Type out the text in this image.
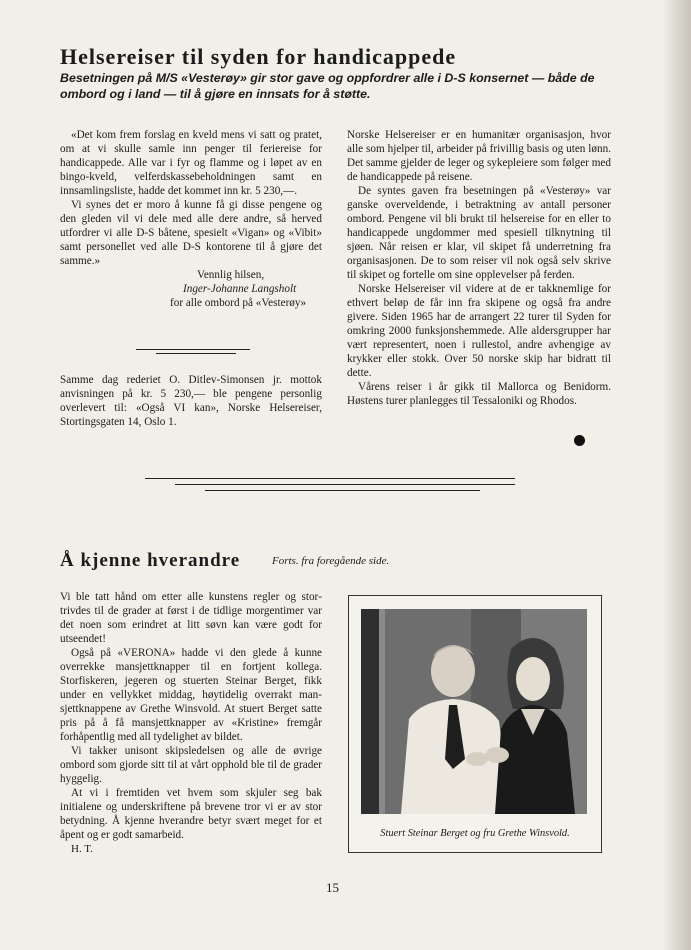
Helsereiser til syden for handicappede
Besetningen på M/S «Vesterøy» gir stor gave og oppfordrer alle i D-S konsernet — både de ombord og i land — til å gjøre en innsats for å støtte.

«Det kom frem forslag en kveld mens vi satt og pratet, om at vi skulle samle inn penger til feriereise for handicappede. Alle var i fyr og flamme og i løpet av en bingo-kveld, velferdskassebeholdningen samt en innsamlingsliste, hadde det kommet inn kr. 5 230,—.

Vi synes det er moro å kunne få gi disse pengene og den gleden vil vi dele med alle dere andre, så herved utfordrer vi alle D-S båtene, spesielt «Vigan» og «Vibit» samt personellet ved alle D-S kontorene til å gjøre det samme.»

Vennlig hilsen,
Inger-Johanne Langsholt
for alle ombord på «Vesterøy»

Samme dag rederiet O. Ditlev-Simonsen jr. mottok anvisningen på kr. 5 230,— ble pengene personlig overlevert til: «Også VI kan», Norske Helsereiser, Stortingsgaten 14, Oslo 1.

Norske Helsereiser er en humanitær organisasjon, hvor alle som hjelper til, arbeider på frivillig basis og uten lønn. Det samme gjelder de leger og sykepleiere som følger med de handicappede på reisene.

De syntes gaven fra besetningen på «Vesterøy» var ganske overveldende, i betraktning av antall personer ombord. Pengene vil bli brukt til helsereise for en eller to handicappede ungdommer med spesiell tilknytning til sjøen. Når reisen er klar, vil skipet få underretning fra organisasjonen. De to som reiser vil nok også selv skrive til skipet og fortelle om sine opplevelser på ferden.

Norske Helsereiser vil videre at de er takknemlige for ethvert beløp de får inn fra skipene og også fra andre givere. Siden 1965 har de arrangert 22 turer til Syden for omkring 2000 funksjonshemmede. Alle aldersgrupper har vært representert, noen i rullestol, andre avhengige av krykker eller stokk. Over 50 norske skip har bidratt til dette.

Vårens reiser i år gikk til Mallorca og Benidorm. Høstens turer planlegges til Tessaloniki og Rhodos.

Å kjenne hverandre	Forts. fra foregående side.

Vi ble tatt hånd om etter alle kunstens regler og stortrivdes til de grader at først i de tidlige morgentimer var det noen som erindret at litt søvn kan være godt for utseendet!

Også på «VERONA» hadde vi den glede å kunne overrekke mansjettknapper til en fortjent kollega. Storfiskeren, jegeren og stuerten Steinar Berget, fikk under en vellykket middag, høytidelig overrakt mansjettknappene av Grethe Winsvold. At stuert Berget satte pris på å få mansjettknapper av «Kristine» fremgår forhåpentlig med all tydelighet av bildet.

Vi takker unisont skipsledelsen og alle de øvrige ombord som gjorde sitt til at vårt opphold ble til de grader hyggelig.

At vi i fremtiden vet hvem som skjuler seg bak initialene og underskriftene på brevene tror vi er av stor betydning. Å kjenne hverandre betyr svært meget for et åpent og er godt samarbeid.

H. T.

Stuert Steinar Berget og fru Grethe Winsvold.
15
